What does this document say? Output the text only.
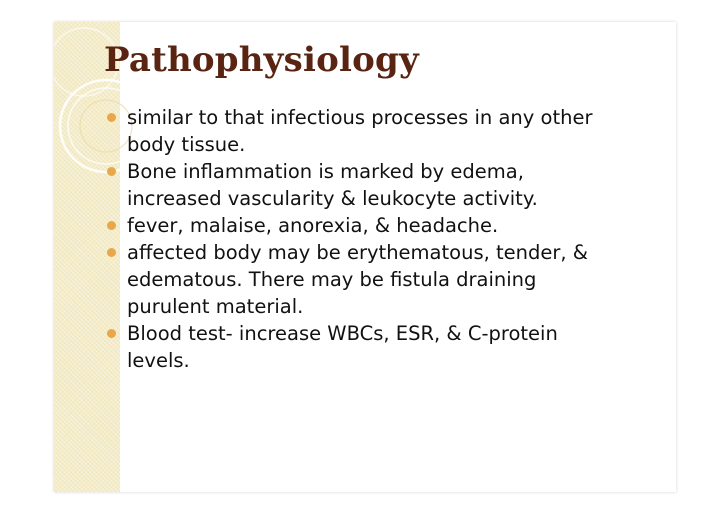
Pathophysiology
similar to that infectious processes in any other body tissue.
Bone inflammation is marked by edema, increased vascularity & leukocyte activity.
fever, malaise, anorexia, & headache.
affected body may be erythematous, tender, & edematous. There may be fistula draining purulent material.
Blood test- increase WBCs, ESR, & C-protein levels.
